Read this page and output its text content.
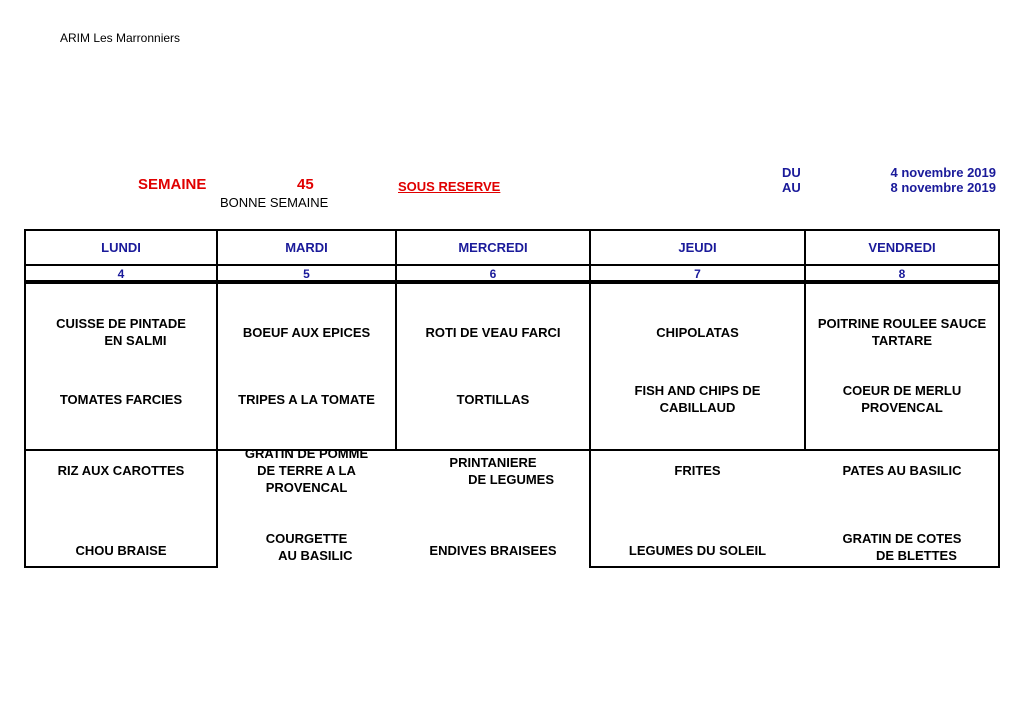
ARIM Les Marronniers
SEMAINE	45	SOUS RESERVE
BONNE SEMAINE
DU
AU
4 novembre 2019
8 novembre 2019
LUNDI
4
CUISSE DE PINTADE
EN SALMI
TOMATES FARCIES
RIZ AUX CAROTTES
CHOU BRAISE
MARDI
5
BOEUF AUX EPICES
TRIPES A LA TOMATE
GRATIN DE POMME
DE TERRE A LA
PROVENCAL
COURGETTE
AU BASILIC
MERCREDI
6
ROTI DE VEAU FARCI
TORTILLAS
PRINTANIERE
DE LEGUMES
ENDIVES BRAISEES
JEUDI
7
CHIPOLATAS
FISH AND CHIPS DE
CABILLAUD
FRITES
LEGUMES DU SOLEIL
VENDREDI
8
POITRINE ROULEE SAUCE
TARTARE
COEUR DE MERLU
PROVENCAL
PATES AU BASILIC
GRATIN DE COTES
DE BLETTES
